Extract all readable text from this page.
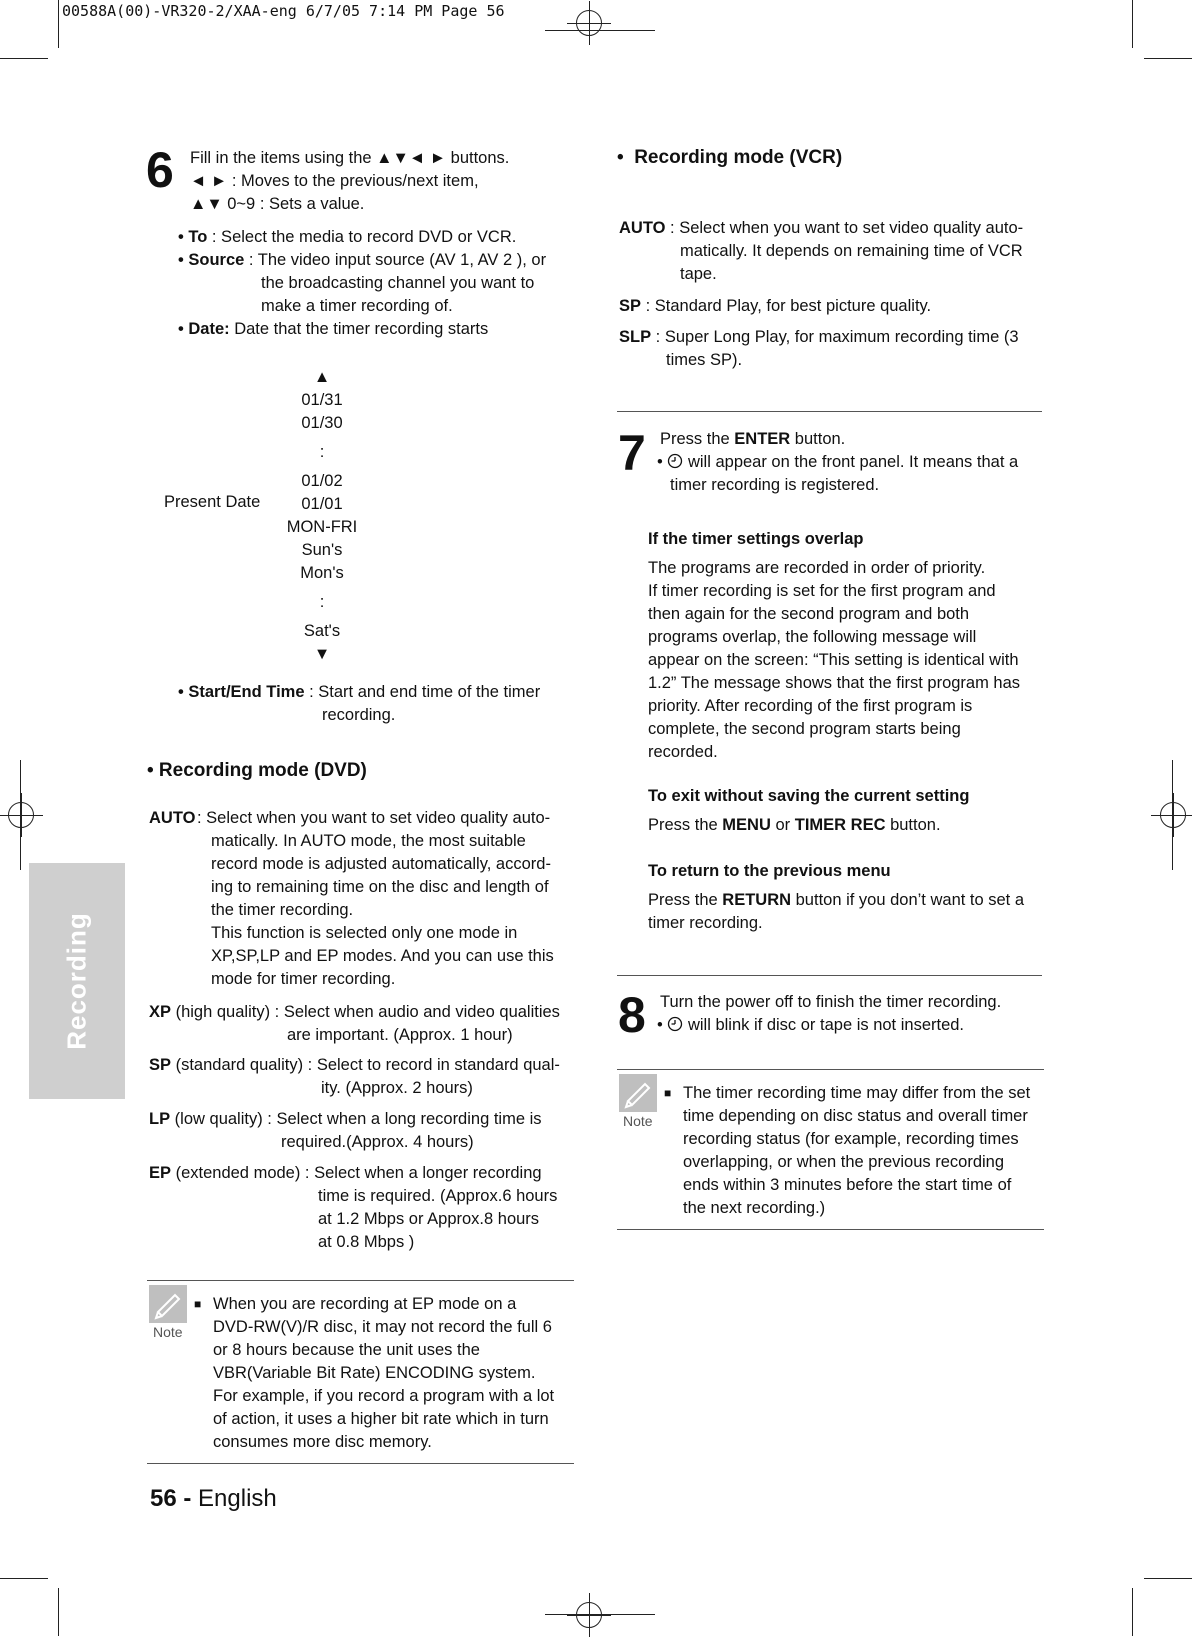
00588A(00)-VR320-2/XAA-eng 6/7/05 7:14 PM Page 56
Recording
6 Fill in the items using the ▲▼◄ ► buttons.

◄ ► : Moves to the previous/next item,

▲▼ 0~9 : Sets a value.

• To : Select the media to record DVD or VCR.
• Source : The video input source (AV 1, AV 2 ), or
the broadcasting channel you want to
make a timer recording of.
• Date: Date that the timer recording starts

▲

01/31

01/30

:

01/02

01/01

MON-FRI

Sun's

Mon's

:

Sat's

▼

Present Date
• Start/End Time : Start and end time of the timer
recording.
• Recording mode (DVD)
AUTO : Select when you want to set video quality auto-

matically. In AUTO mode, the most suitable

record mode is adjusted automatically, accord-

ing to remaining time on the disc and length of

the timer recording.

This function is selected only one mode in

XP,SP,LP and EP modes. And you can use this

mode for timer recording.

XP (high quality) : Select when audio and video qualities
are important. (Approx. 1 hour)
SP (standard quality) : Select to record in standard qual-
ity. (Approx. 2 hours)
LP (low quality) : Select when a long recording time is
required.(Approx. 4 hours)
EP (extended mode) : Select when a longer recording

time is required. (Approx.6 hours

at 1.2 Mbps or Approx.8 hours

at 0.8 Mbps )

Note
■ When you are recording at EP mode on a

DVD-RW(V)/R disc, it may not record the full 6

or 8 hours because the unit uses the

VBR(Variable Bit Rate) ENCODING system.

For example, if you record a program with a lot

of action, it uses a higher bit rate which in turn

consumes more disc memory.

56 - English
•  Recording mode (VCR)
AUTO : Select when you want to set video quality auto-

matically. It depends on remaining time of VCR

tape.

SP : Standard Play, for best picture quality.
SLP : Super Long Play, for maximum recording time (3
times SP).
7 Press the ENTER button.
• will appear on the front panel. It means that a
timer recording is registered.
If the timer settings overlap

The programs are recorded in order of priority.

If timer recording is set for the first program and

then again for the second program and both

programs overlap, the following message will

appear on the screen: “This setting is identical with

1.2” The message shows that the first program has

priority. After recording of the first program is

complete, the second program starts being

recorded.

To exit without saving the current setting
Press the MENU or TIMER REC button.
To return to the previous menu
Press the RETURN button if you don’t want to set a
timer recording.
8 Turn the power off to finish the timer recording.
• will blink if disc or tape is not inserted.
Note
■ The timer recording time may differ from the set

time depending on disc status and overall timer

recording status (for example, recording times

overlapping, or when the previous recording

ends within 3 minutes before the start time of

the next recording.)
